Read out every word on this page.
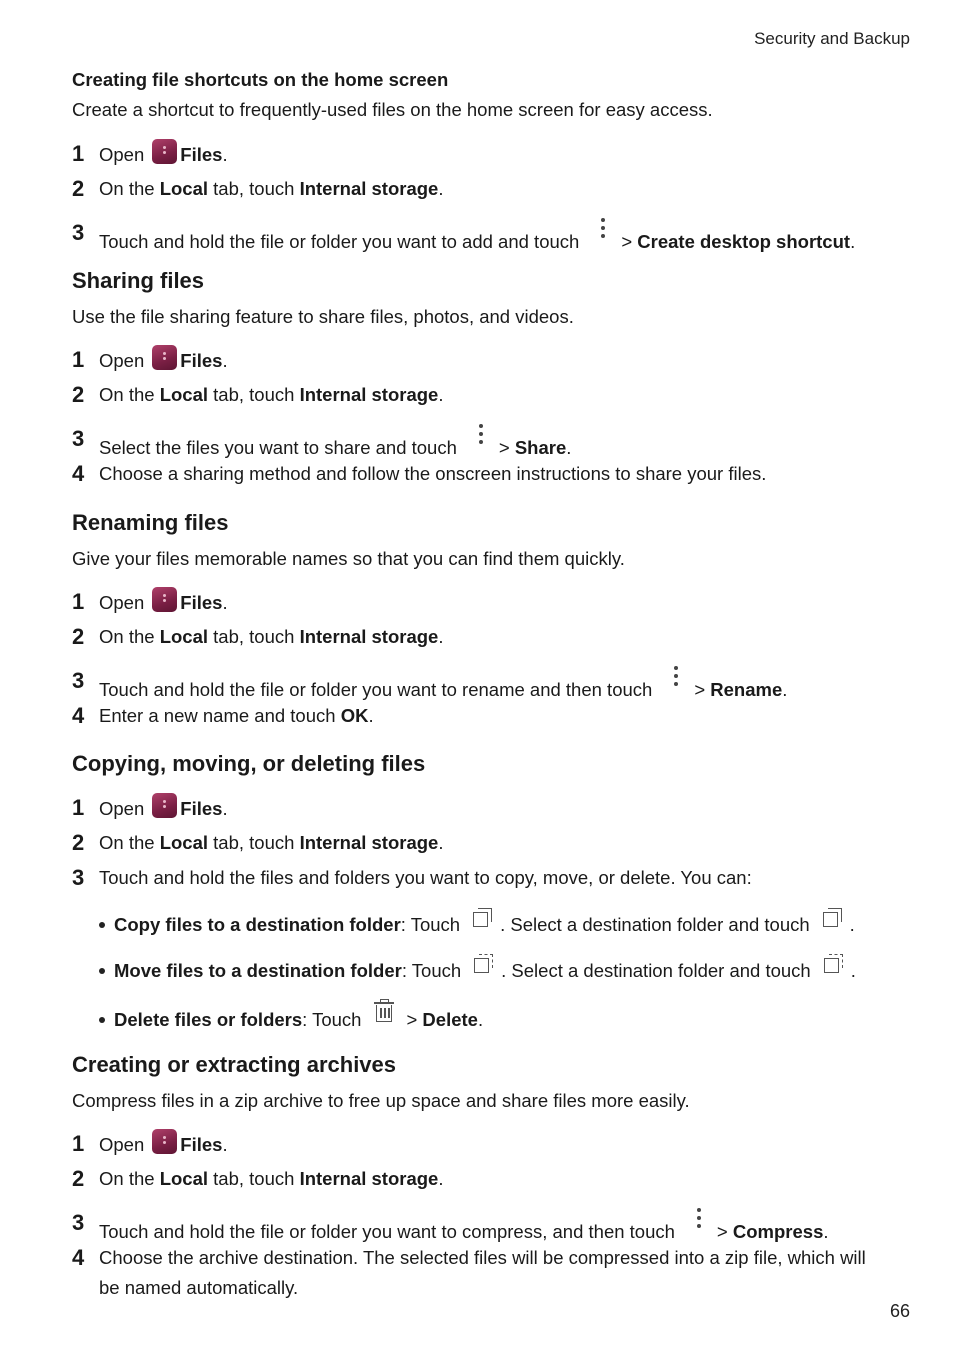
Security and Backup
Creating file shortcuts on the home screen
Create a shortcut to frequently-used files on the home screen for easy access.
1 Open Files.
2 On the Local tab, touch Internal storage.
3 Touch and hold the file or folder you want to add and touch > Create desktop shortcut.
Sharing files
Use the file sharing feature to share files, photos, and videos.
1 Open Files.
2 On the Local tab, touch Internal storage.
3 Select the files you want to share and touch > Share.
4 Choose a sharing method and follow the onscreen instructions to share your files.
Renaming files
Give your files memorable names so that you can find them quickly.
1 Open Files.
2 On the Local tab, touch Internal storage.
3 Touch and hold the file or folder you want to rename and then touch > Rename.
4 Enter a new name and touch OK.
Copying, moving, or deleting files
1 Open Files.
2 On the Local tab, touch Internal storage.
3 Touch and hold the files and folders you want to copy, move, or delete. You can:
Copy files to a destination folder: Touch . Select a destination folder and touch .
Move files to a destination folder: Touch . Select a destination folder and touch .
Delete files or folders: Touch > Delete.
Creating or extracting archives
Compress files in a zip archive to free up space and share files more easily.
1 Open Files.
2 On the Local tab, touch Internal storage.
3 Touch and hold the file or folder you want to compress, and then touch > Compress.
4 Choose the archive destination. The selected files will be compressed into a zip file, which will be named automatically.
66
